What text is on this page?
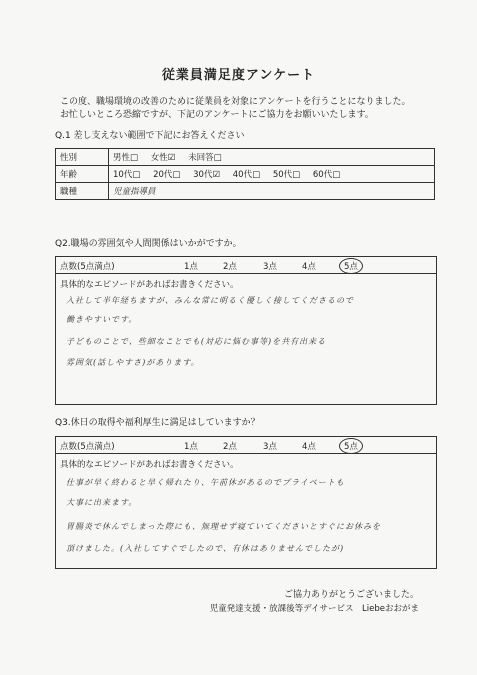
従業員満足度アンケート
この度、職場環境の改善のために従業員を対象にアンケートを行うことになりました。
お忙しいところ恐縮ですが、下記のアンケートにご協力をお願いいたします。
Q.1 差し支えない範囲で下記にお答えください
性別	男性□ 女性☑ 未回答□
年齢	10代□ 20代□ 30代☑ 40代□ 50代□ 60代□
職種	児童指導員
Q2.職場の雰囲気や人間関係はいかがですか。
点数(5点満点)	1点	2点	3点	4点	5点
具体的なエピソードがあればお書きください。
入社して半年経ちますが、みんな常に明るく優しく接してくださるので
働きやすいです。
子どものことで、些細なことでも(対応に悩む事等)を共有出来る
雰囲気(話しやすさ)があります。
Q3.休日の取得や福利厚生に満足はしていますか？
点数(5点満点)	1点	2点	3点	4点	5点
具体的なエピソードがあればお書きください。
仕事が早く終わると早く帰れたり、午前休があるのでプライベートも
大事に出来ます。
胃腸炎で休んでしまった際にも、無理せず寝ていてくださいとすぐにお休みを
頂けました。(入社してすぐでしたので、有休はありませんでしたが)
ご協力ありがとうございました。
児童発達支援・放課後等デイサービス　Liebeおおがま
